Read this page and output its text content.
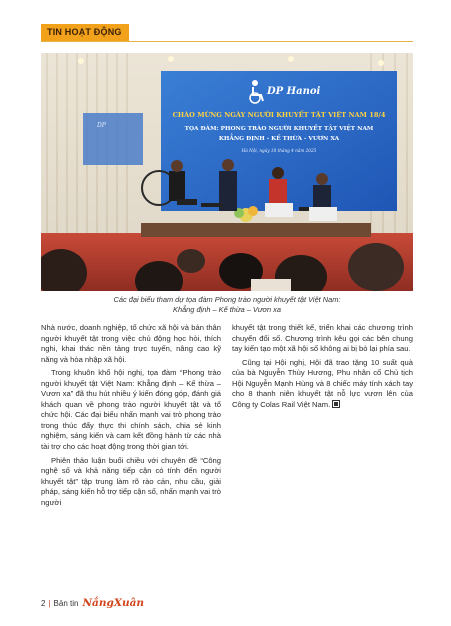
TIN HOẠT ĐỘNG
DP Hanoi
CHÀO MỪNG NGÀY NGƯỜI KHUYẾT TẬT VIỆT NAM 18/4
TỌA ĐÀM: PHONG TRÀO NGƯỜI KHUYẾT TẬT VIỆT NAM
KHẲNG ĐỊNH - KẾ THỪA - VƯƠN XA
Hà Nội, ngày 18 tháng 4 năm 2025
DP
Các đại biểu tham dự tọa đàm Phong trào người khuyết tật Việt Nam:
Khẳng định – Kế thừa – Vươn xa

Nhà nước, doanh nghiệp, tổ chức xã hội và bản thân người khuyết tật trong việc chủ động học hỏi, thích nghi, khai thác nền tảng trực tuyến, nâng cao kỹ năng và hòa nhập xã hội.

Trong khuôn khổ hội nghị, tọa đàm “Phong trào người khuyết tật Việt Nam: Khẳng định – Kế thừa – Vươn xa” đã thu hút nhiều ý kiến đóng góp, đánh giá khách quan về phong trào người khuyết tật và tổ chức hội. Các đại biểu nhấn mạnh vai trò phong trào trong thúc đẩy thực thi chính sách, chia sẻ kinh nghiệm, sáng kiến và cam kết đồng hành từ các nhà tài trợ cho các hoạt động trong thời gian tới.

Phiên thảo luận buổi chiều với chuyên đề “Công nghệ số và khả năng tiếp cận có tính đến người khuyết tật” tập trung làm rõ rào cản, nhu cầu, giải pháp, sáng kiến hỗ trợ tiếp cận số, nhấn mạnh vai trò người

khuyết tật trong thiết kế, triển khai các chương trình chuyển đổi số. Chương trình kêu gọi các bên chung tay kiến tạo một xã hội số không ai bị bỏ lại phía sau.

Cũng tại Hội nghị, Hội đã trao tặng 10 suất quà của bà Nguyễn Thùy Hương, Phu nhân cố Chủ tịch Hội Nguyễn Mạnh Hùng và 8 chiếc máy tính xách tay cho 8 thanh niên khuyết tật nỗ lực vươn lên của Công ty Colas Rail Việt Nam.

2 | Bản tin NắngXuân
